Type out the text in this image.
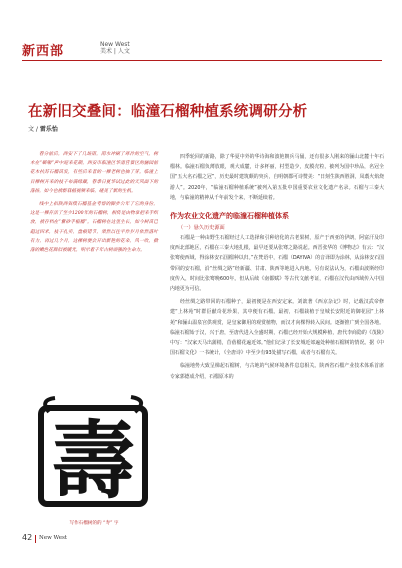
新西部	New West
美术 | 人文
在新旧交叠间：临潼石榴种植系统调研分析
文 / 雷乐怡

春分前后，西安下了几场雨，雨水冲刷了寒冷的空气，树木在“噼啪”声中迎来花期。西安市临潼区华清宫景区的骊园前花木扶苏石榴苗发，有些后来者的一棵老树也抽了芽。临潼上百棵树开来的枝干布满绿藏，春季日夏华试过此的天风面下的落扬，如今也被新栽植视频来临，碰见了新的生机。

线中上扣陕西省级石榴基金考察的脚步公年了它的身份，这是一棵存活了至少1200年的石榴树，相传是由物拿把来手织放，被存档在“紫砂手植榴”。石榴树在这里生长，如今树苗已超过四米，枝干扎实，盘根错节，果然以往平作岁月依然落叶有力，再过几个月，这棵树便会开出新艳的花朵，风一吹，掀落的嫩色花群似被暖光，明示着千年古树顽强的生命力。

壽
写作石榴树的的 “寿” 字

四季轮回的新路，除了华夏中外的华诗海和波艳朝兵马俑，还有很多人刚来的骊山北麓十年石榴林。临潼石榴负薄放眼，观大成麓，计多杯丽，村型造少，皮膜壳粒，被列为国中珍品，名冠全国“五大名石榴之冠”，历史最时建筑颇的突兵，自明朝郡可诗赞美：“日刻生陕西胜洞，凤翥火焰烧游人”。2020年，“临潼石榴种植系统”被列入第五批中国重要农业文化遗产名录。石榴与三秦大地，与临潼的精神从千年前发个来，不断延续着。

作为农业文化遗产的临潼石榴种植体系
（一）悬久历史源面

石榴是一种由野生石榴经过人工选择和引种培化的古老果树，原产于西亚的伊朗，阿富汗及印度西北部地区，石榴在三秦大地扎根，最早还要从张骞之路说起。西晋张华的《博物志》有云：“汉张骞使西域，得涂林安石国榴种以归。”在梵语中，石榴（DAYIVA）的音译即为涂林，从涂林安石国带回的安石榴，沿“丝绸之路”经新疆、甘肃、陕西等地进入内地。另有说法认为，石榴由波斯经印度传入，时间比张骞晚600年。但从后续《南都赋》等古代文献考证，石榴在汉代由西域传入中国内地更为可信。

经丝绸之路带回的石榴种子，最初便是在西安定家。刘歆著《西京杂记》时，记载汉武帝修建“上林苑”时群臣献奇花珍果，其中便有石榴。最初，石榴栽植于皇城长安附近的御花园“上林苑”和骊山温泉宫供观赏，是皇家御用的观赏植物，而汉才向棵得转入民间。逐渐推广到全国各地。临潼石榴始于汉，兴于唐，至唐代进入全盛时期，石榴已经开始大规模种植，唐代李商隐的《茂陵》中写：“汉家天马出蒲梢，苜蓿榴花遍近郊。”他们记录了长安城近郊遍处种植石榴树的情况。据《中国石榴文化》一书统计，《全唐诗》中至少有93处描写石榴，或者与石榴有关。

临潼地势大致呈梯起石榴树，与古地的气候环境条件息息相关。陕西省石榴产业技术体系首席专家郭德成介绍，石榴原本的

42 New West
